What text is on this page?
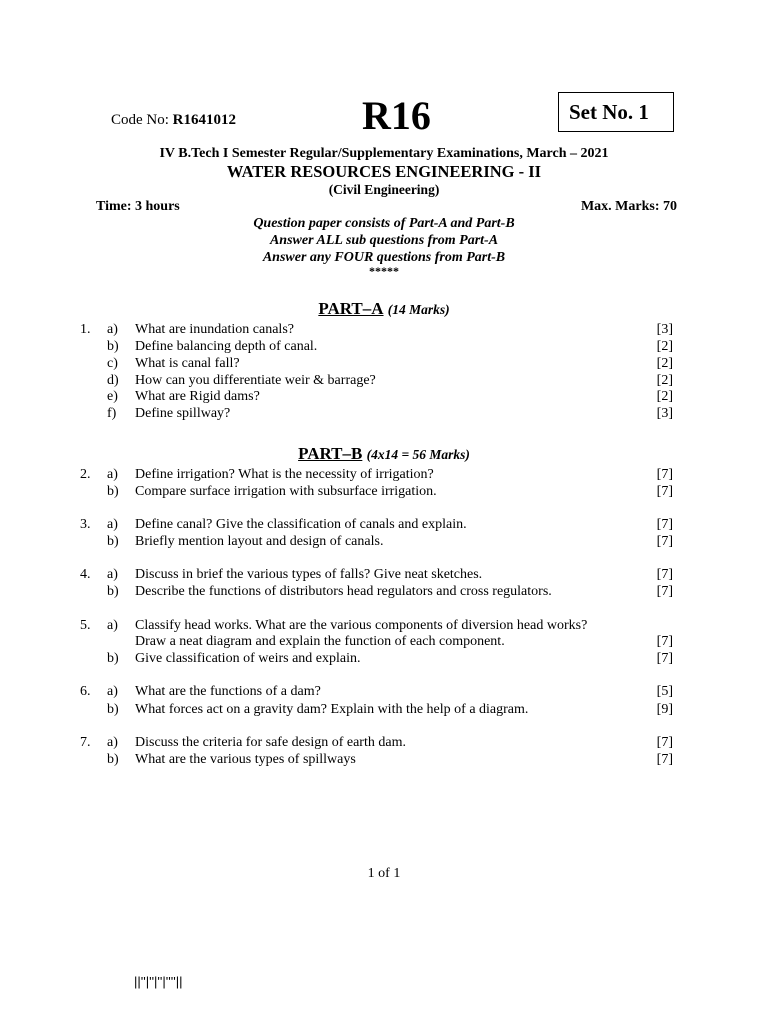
Code No: R1641012	R16	Set No. 1
IV B.Tech I Semester Regular/Supplementary Examinations, March – 2021
WATER RESOURCES ENGINEERING - II
(Civil Engineering)
Time: 3 hours	Max. Marks: 70
Question paper consists of Part-A and Part-B
Answer ALL sub questions from Part-A
Answer any FOUR questions from Part-B
*****
PART–A (14 Marks)
1. a) What are inundation canals?	[3]
b) Define balancing depth of canal.	[2]
c) What is canal fall?	[2]
d) How can you differentiate weir & barrage?	[2]
e) What are Rigid dams?	[2]
f) Define spillway?	[3]
PART–B (4x14 = 56 Marks)
2. a) Define irrigation? What is the necessity of irrigation?	[7]
b) Compare surface irrigation with subsurface irrigation.	[7]
3. a) Define canal? Give the classification of canals and explain.	[7]
b) Briefly mention layout and design of canals.	[7]
4. a) Discuss in brief the various types of falls? Give neat sketches.	[7]
b) Describe the functions of distributors head regulators and cross regulators.	[7]
5. a) Classify head works. What are the various components of diversion head works?
Draw a neat diagram and explain the function of each component.	[7]
b) Give classification of weirs and explain.	[7]
6. a) What are the functions of a dam?	[5]
b) What forces act on a gravity dam? Explain with the help of a diagram.	[9]
7. a) Discuss the criteria for safe design of earth dam.	[7]
b) What are the various types of spillways	[7]
1 of 1
||''|''|''|''''||
